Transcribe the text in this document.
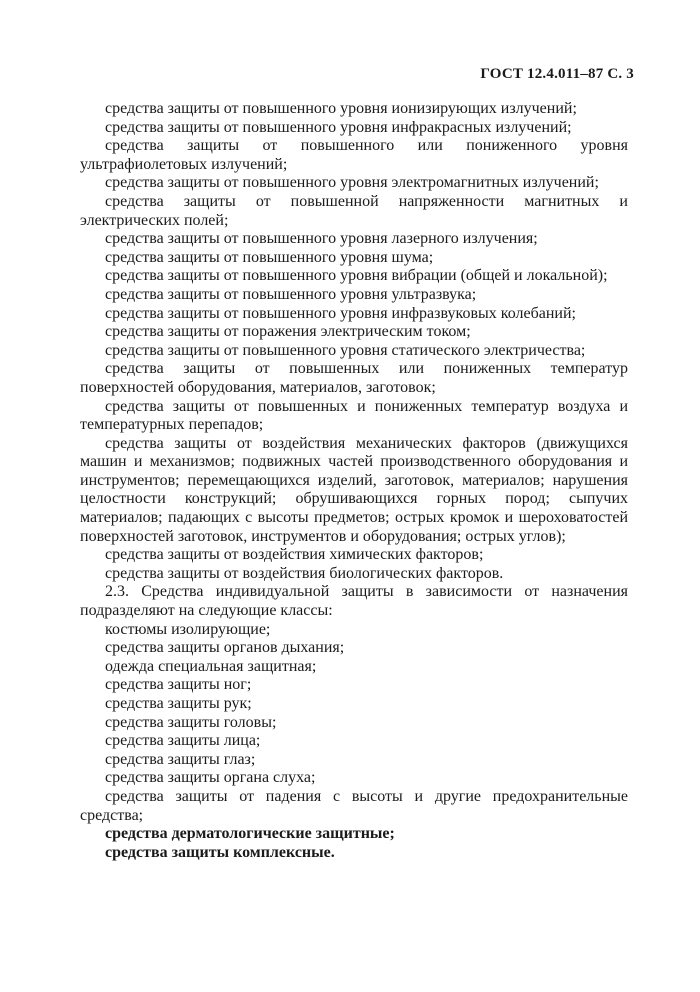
ГОСТ 12.4.011–87 С. 3

средства защиты от повышенного уровня ионизирующих излучений;

средства защиты от повышенного уровня инфракрасных излучений;

средства защиты от повышенного или пониженного уровня ультрафиолетовых излучений;

средства защиты от повышенного уровня электромагнитных излучений;

средства защиты от повышенной напряженности магнитных и электрических полей;

средства защиты от повышенного уровня лазерного излучения;

средства защиты от повышенного уровня шума;

средства защиты от повышенного уровня вибрации (общей и локальной);

средства защиты от повышенного уровня ультразвука;

средства защиты от повышенного уровня инфразвуковых колебаний;

средства защиты от поражения электрическим током;

средства защиты от повышенного уровня статического электричества;

средства защиты от повышенных или пониженных температур поверхностей оборудования, материалов, заготовок;

средства защиты от повышенных и пониженных температур воздуха и температурных перепадов;

средства защиты от воздействия механических факторов (движущихся машин и механизмов; подвижных частей производственного оборудования и инструментов; перемещающихся изделий, заготовок, материалов; нарушения целостности конструкций; обрушивающихся горных пород; сыпучих материалов; падающих с высоты предметов; острых кромок и шероховатостей поверхностей заготовок, инструментов и оборудования; острых углов);

средства защиты от воздействия химических факторов;

средства защиты от воздействия биологических факторов.

2.3. Средства индивидуальной защиты в зависимости от назначения подразделяют на следующие классы:

костюмы изолирующие;

средства защиты органов дыхания;

одежда специальная защитная;

средства защиты ног;

средства защиты рук;

средства защиты головы;

средства защиты лица;

средства защиты глаз;

средства защиты органа слуха;

средства защиты от падения с высоты и другие предохранительные средства;

средства дерматологические защитные;

средства защиты комплексные.
